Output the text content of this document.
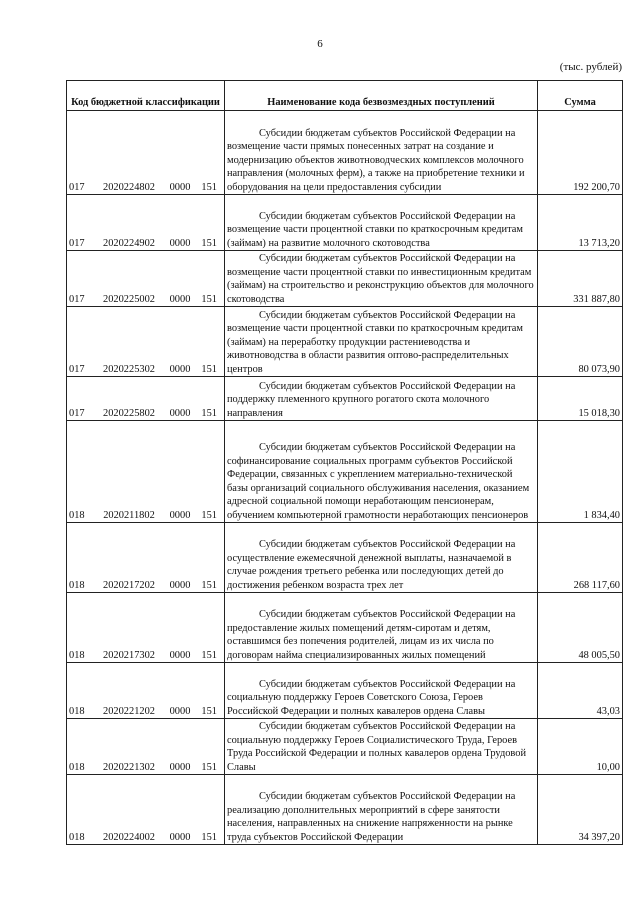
6
(тыс. рублей)
Код бюджетной классификации	Наименование кода безвозмездных поступлений	Сумма
017 2020224802 0000 151	Субсидии бюджетам субъектов Российской Федерации на возмещение части прямых понесенных затрат на создание и модернизацию объектов животноводческих комплексов молочного направления (молочных ферм), а также на приобретение техники и оборудования на цели предоставления субсидии	192 200,70
017 2020224902 0000 151	Субсидии бюджетам субъектов Российской Федерации на возмещение части процентной ставки по краткосрочным кредитам (займам) на развитие молочного скотоводства	13 713,20
017 2020225002 0000 151	Субсидии бюджетам субъектов Российской Федерации на возмещение части процентной ставки по инвестиционным кредитам (займам) на строительство и реконструкцию объектов для молочного скотоводства	331 887,80
017 2020225302 0000 151	Субсидии бюджетам субъектов Российской Федерации на возмещение части процентной ставки по краткосрочным кредитам (займам) на переработку продукции растениеводства и животноводства в области развития оптово-распределительных центров	80 073,90
017 2020225802 0000 151	Субсидии бюджетам субъектов Российской Федерации на поддержку племенного крупного рогатого скота молочного направления	15 018,30
018 2020211802 0000 151	Субсидии бюджетам субъектов Российской Федерации на софинансирование социальных программ субъектов Российской Федерации, связанных с укреплением материально-технической базы организаций социального обслуживания населения, оказанием адресной социальной помощи неработающим пенсионерам, обучением компьютерной грамотности неработающих пенсионеров	1 834,40
018 2020217202 0000 151	Субсидии бюджетам субъектов Российской Федерации на осуществление ежемесячной денежной выплаты, назначаемой в случае рождения третьего ребенка или последующих детей до достижения ребенком возраста трех лет	268 117,60
018 2020217302 0000 151	Субсидии бюджетам субъектов Российской Федерации на предоставление жилых помещений детям-сиротам и детям, оставшимся без попечения родителей, лицам из их числа по договорам найма специализированных жилых помещений	48 005,50
018 2020221202 0000 151	Субсидии бюджетам субъектов Российской Федерации на социальную поддержку Героев Советского Союза, Героев Российской Федерации и полных кавалеров ордена Славы	43,03
018 2020221302 0000 151	Субсидии бюджетам субъектов Российской Федерации на социальную поддержку Героев Социалистического Труда, Героев Труда Российской Федерации и полных кавалеров ордена Трудовой Славы	10,00
018 2020224002 0000 151	Субсидии бюджетам субъектов Российской Федерации на реализацию дополнительных мероприятий в сфере занятости населения, направленных на снижение напряженности на рынке труда субъектов Российской Федерации	34 397,20
